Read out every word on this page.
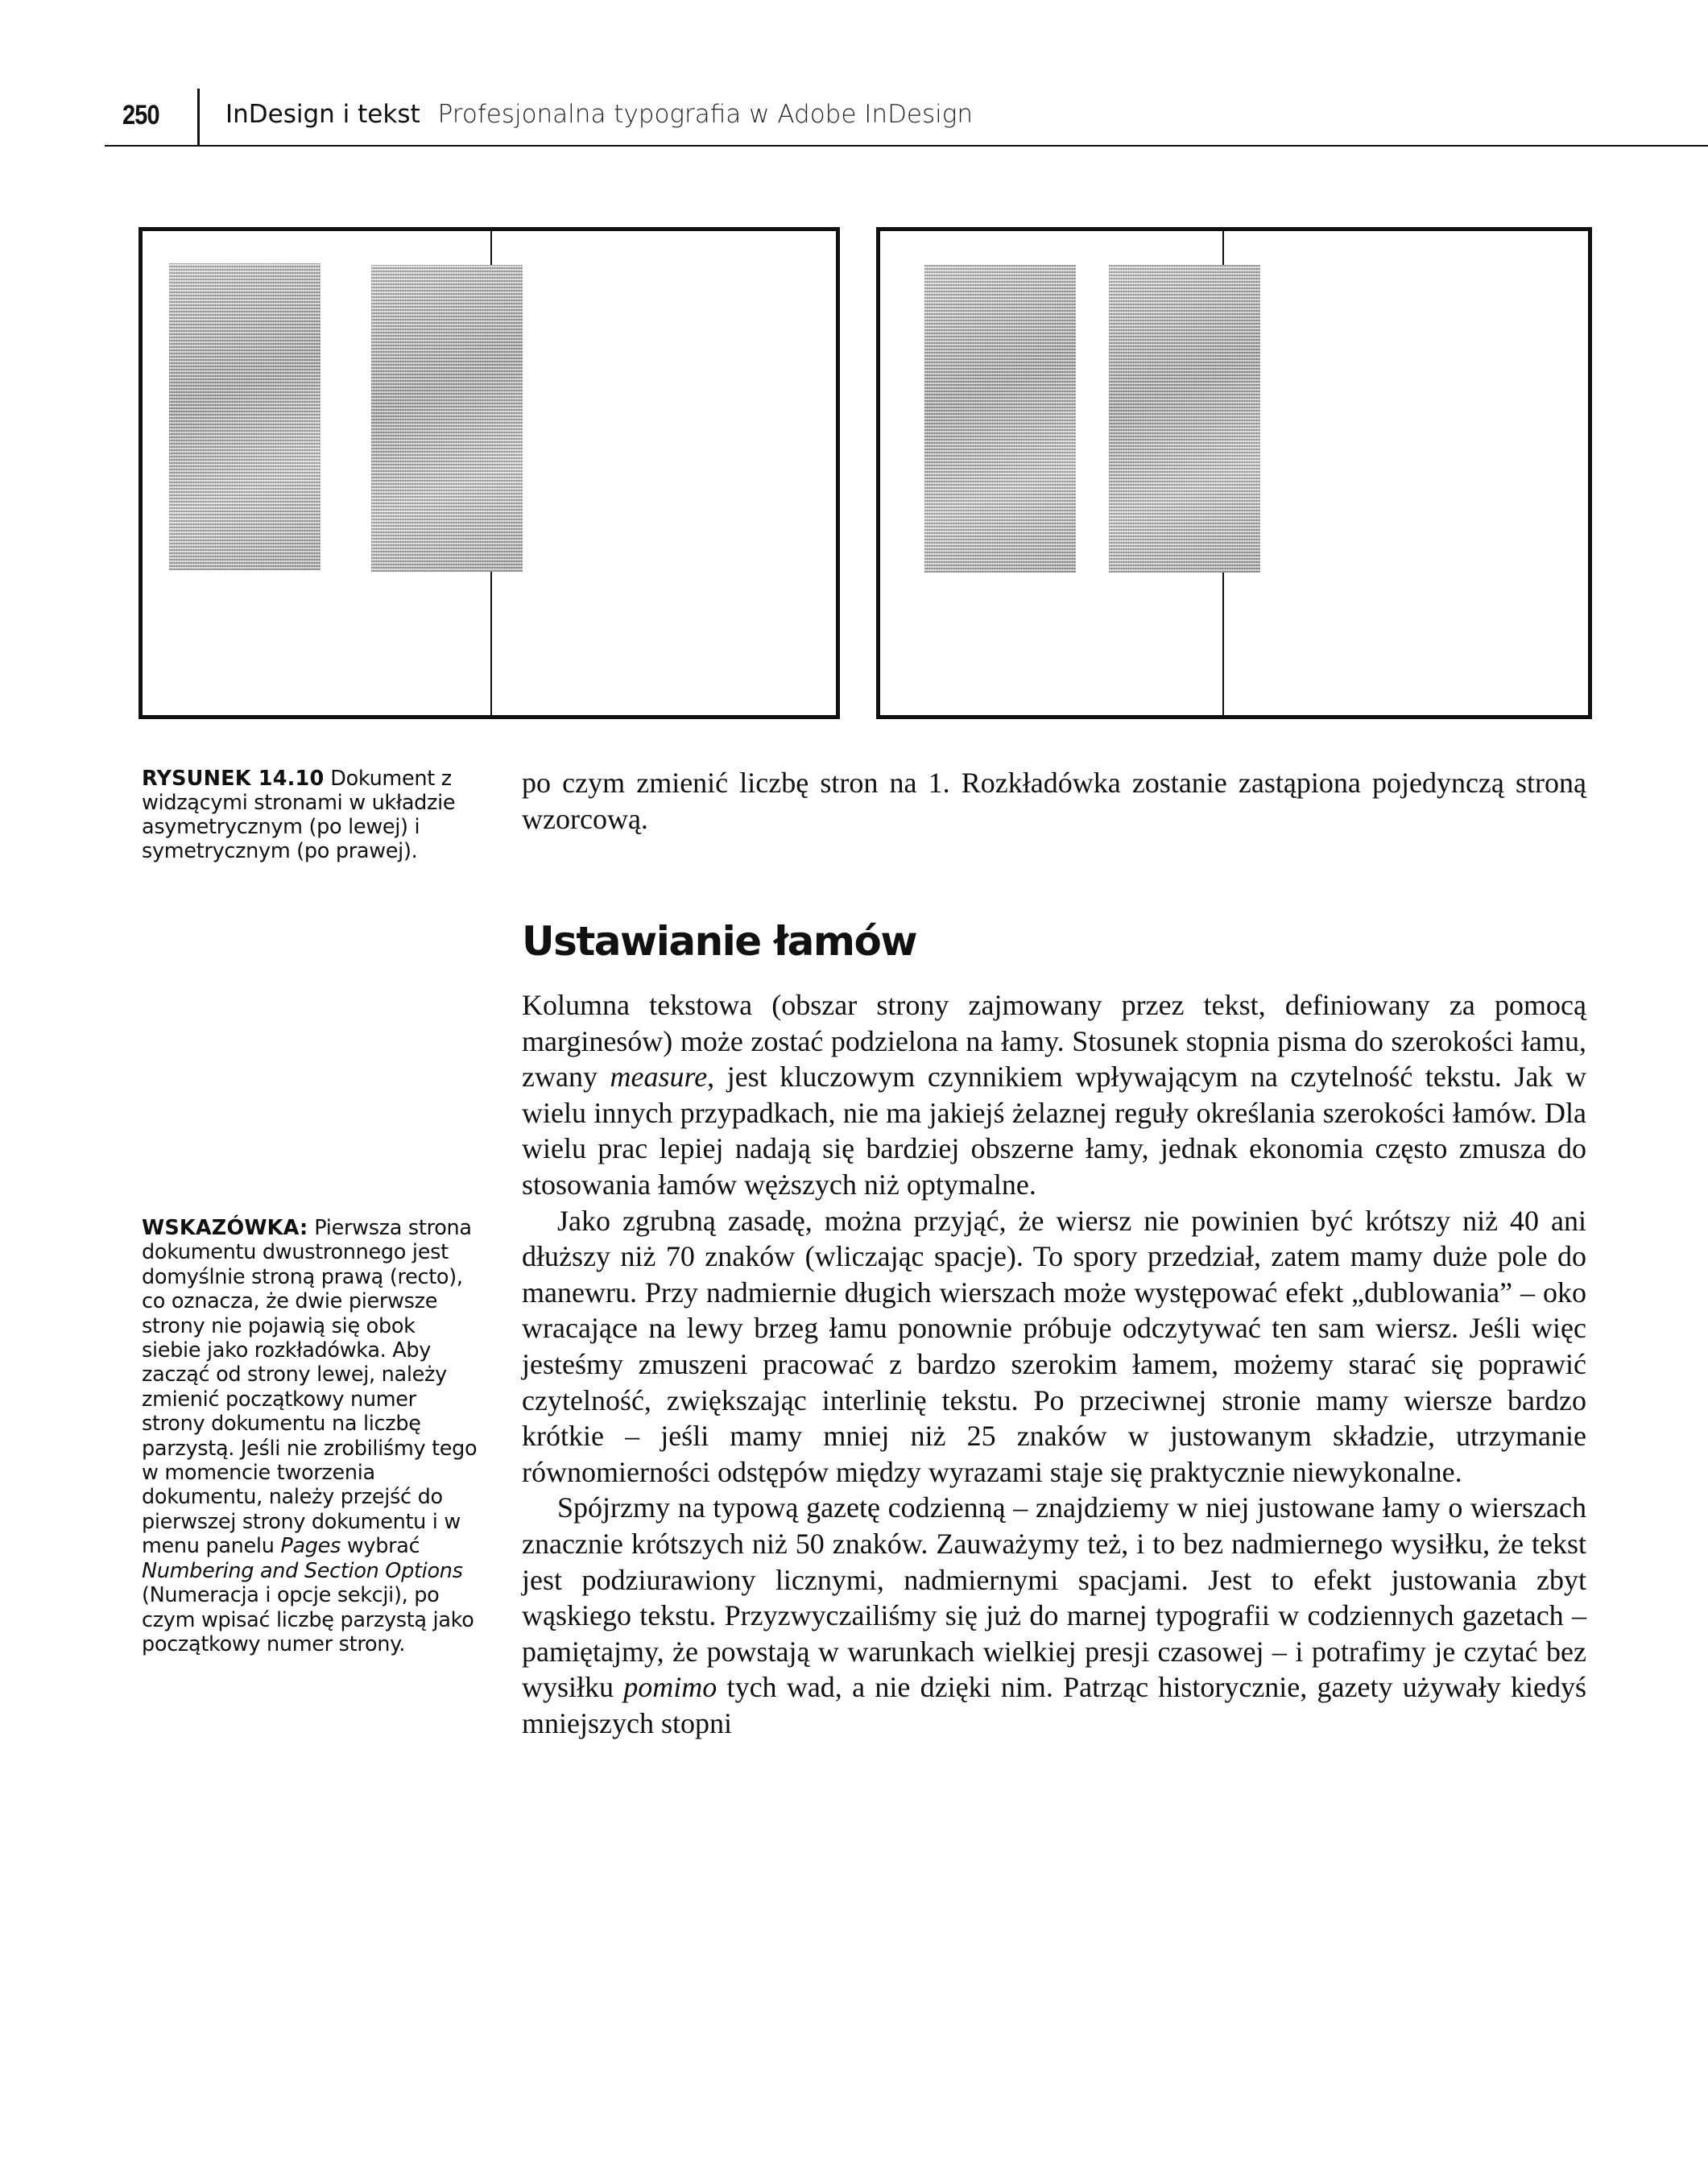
250	InDesign i tekst Profesjonalna typografia w Adobe InDesign
RYSUNEK 14.10 Dokument z widzącymi stronami w układzie asymetrycznym (po lewej) i symetrycznym (po prawej).
WSKAZÓWKA: Pierwsza strona dokumentu dwustronnego jest domyślnie stroną prawą (recto), co oznacza, że dwie pierwsze strony nie pojawią się obok siebie jako rozkładówka. Aby zacząć od strony lewej, należy zmienić początkowy numer strony dokumentu na liczbę parzystą. Jeśli nie zrobiliśmy tego w momencie tworzenia dokumentu, należy przejść do pierwszej strony dokumentu i w menu panelu Pages wybrać Numbering and Section Options (Numeracja i opcje sekcji), po czym wpisać liczbę parzystą jako początkowy numer strony.

po czym zmienić liczbę stron na 1. Rozkładówka zostanie zastąpiona pojedynczą stroną wzorcową.

Ustawianie łamów

Kolumna tekstowa (obszar strony zajmowany przez tekst, definiowany za pomocą marginesów) może zostać podzielona na łamy. Stosunek stopnia pisma do szerokości łamu, zwany measure, jest kluczowym czynnikiem wpływającym na czytelność tekstu. Jak w wielu innych przypadkach, nie ma jakiejś żelaznej reguły określania szerokości łamów. Dla wielu prac lepiej nadają się bardziej obszerne łamy, jednak ekonomia często zmusza do stosowania łamów węższych niż optymalne.

Jako zgrubną zasadę, można przyjąć, że wiersz nie powinien być krótszy niż 40 ani dłuższy niż 70 znaków (wliczając spacje). To spory przedział, zatem mamy duże pole do manewru. Przy nadmiernie długich wierszach może występować efekt „dublowania” – oko wracające na lewy brzeg łamu ponownie próbuje odczytywać ten sam wiersz. Jeśli więc jesteśmy zmuszeni pracować z bardzo szerokim łamem, możemy starać się poprawić czytelność, zwiększając interlinię tekstu. Po przeciwnej stronie mamy wiersze bardzo krótkie – jeśli mamy mniej niż 25 znaków w justowanym składzie, utrzymanie równomierności odstępów między wyrazami staje się praktycznie niewykonalne.

Spójrzmy na typową gazetę codzienną – znajdziemy w niej justowane łamy o wierszach znacznie krótszych niż 50 znaków. Zauważymy też, i to bez nadmiernego wysiłku, że tekst jest podziurawiony licznymi, nadmiernymi spacjami. Jest to efekt justowania zbyt wąskiego tekstu. Przyzwyczailiśmy się już do marnej typografii w codziennych gazetach – pamiętajmy, że powstają w warunkach wielkiej presji czasowej – i potrafimy je czytać bez wysiłku pomimo tych wad, a nie dzięki nim. Patrząc historycznie, gazety używały kiedyś mniejszych stopni
